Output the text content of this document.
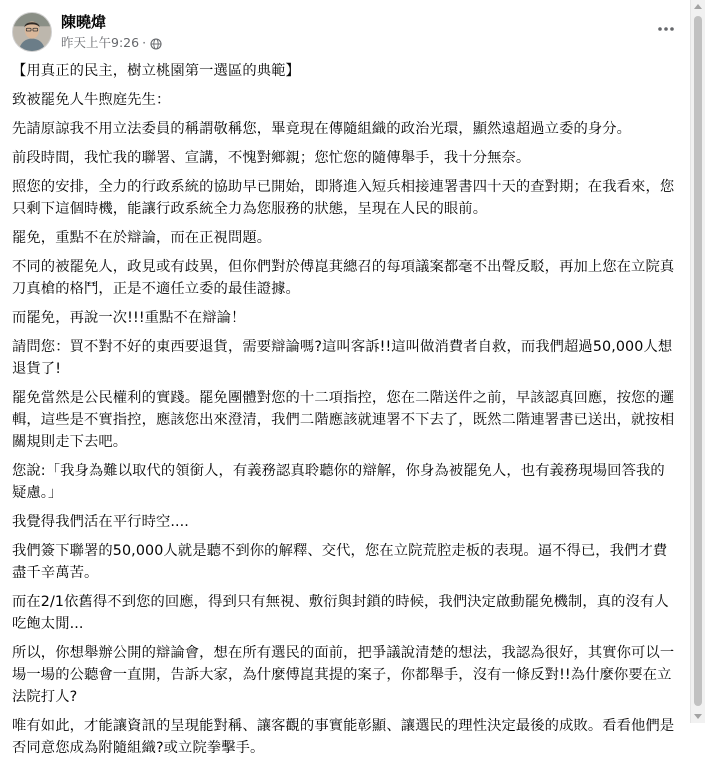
陳曉煒
昨天上午9:26 ·

【用真正的民主，樹立桃園第一選區的典範】

致被罷免人牛煦庭先生：

先請原諒我不用立法委員的稱謂敬稱您，畢竟現在傳隨組織的政治光環，顯然遠超過立委的身分。

前段時間，我忙我的聯署、宣講，不愧對鄉親；您忙您的隨傳舉手，我十分無奈。

照您的安排，全力的行政系統的協助早已開始，即將進入短兵相接連署書四十天的查對期；在我看來，您只剩下這個時機，能讓行政系統全力為您服務的狀態，呈現在人民的眼前。

罷免，重點不在於辯論，而在正視問題。

不同的被罷免人，政見或有歧異，但你們對於傅崑萁總召的每項議案都毫不出聲反駁，再加上您在立院真刀真槍的格鬥，正是不適任立委的最佳證據。

而罷免，再說一次!!!重點不在辯論！

請問您：買不對不好的東西要退貨，需要辯論嗎?這叫客訴!!這叫做消費者自救，而我們超過50,000人想退貨了!

罷免當然是公民權利的實踐。罷免團體對您的十二項指控，您在二階送件之前，早該認真回應，按您的邏輯，這些是不實指控，應該您出來澄清，我們二階應該就連署不下去了，既然二階連署書已送出，就按相關規則走下去吧。

您說:「我身為難以取代的領銜人，有義務認真聆聽你的辯解，你身為被罷免人，也有義務現場回答我的疑慮。」

我覺得我們活在平行時空....

我們簽下聯署的50,000人就是聽不到你的解釋、交代，您在立院荒腔走板的表現。逼不得已，我們才費盡千辛萬苦。

而在2/1依舊得不到您的回應，得到只有無視、敷衍與封鎖的時候，我們決定啟動罷免機制，真的沒有人吃飽太閒...

所以，你想舉辦公開的辯論會，想在所有選民的面前，把爭議說清楚的想法，我認為很好，其實你可以一場一場的公聽會一直開，告訴大家，為什麼傅崑萁提的案子，你都舉手，沒有一條反對!!為什麼你要在立法院打人?

唯有如此，才能讓資訊的呈現能對稱、讓客觀的事實能彰顯、讓選民的理性決定最後的成敗。看看他們是否同意您成為附隨組織?或立院拳擊手。
